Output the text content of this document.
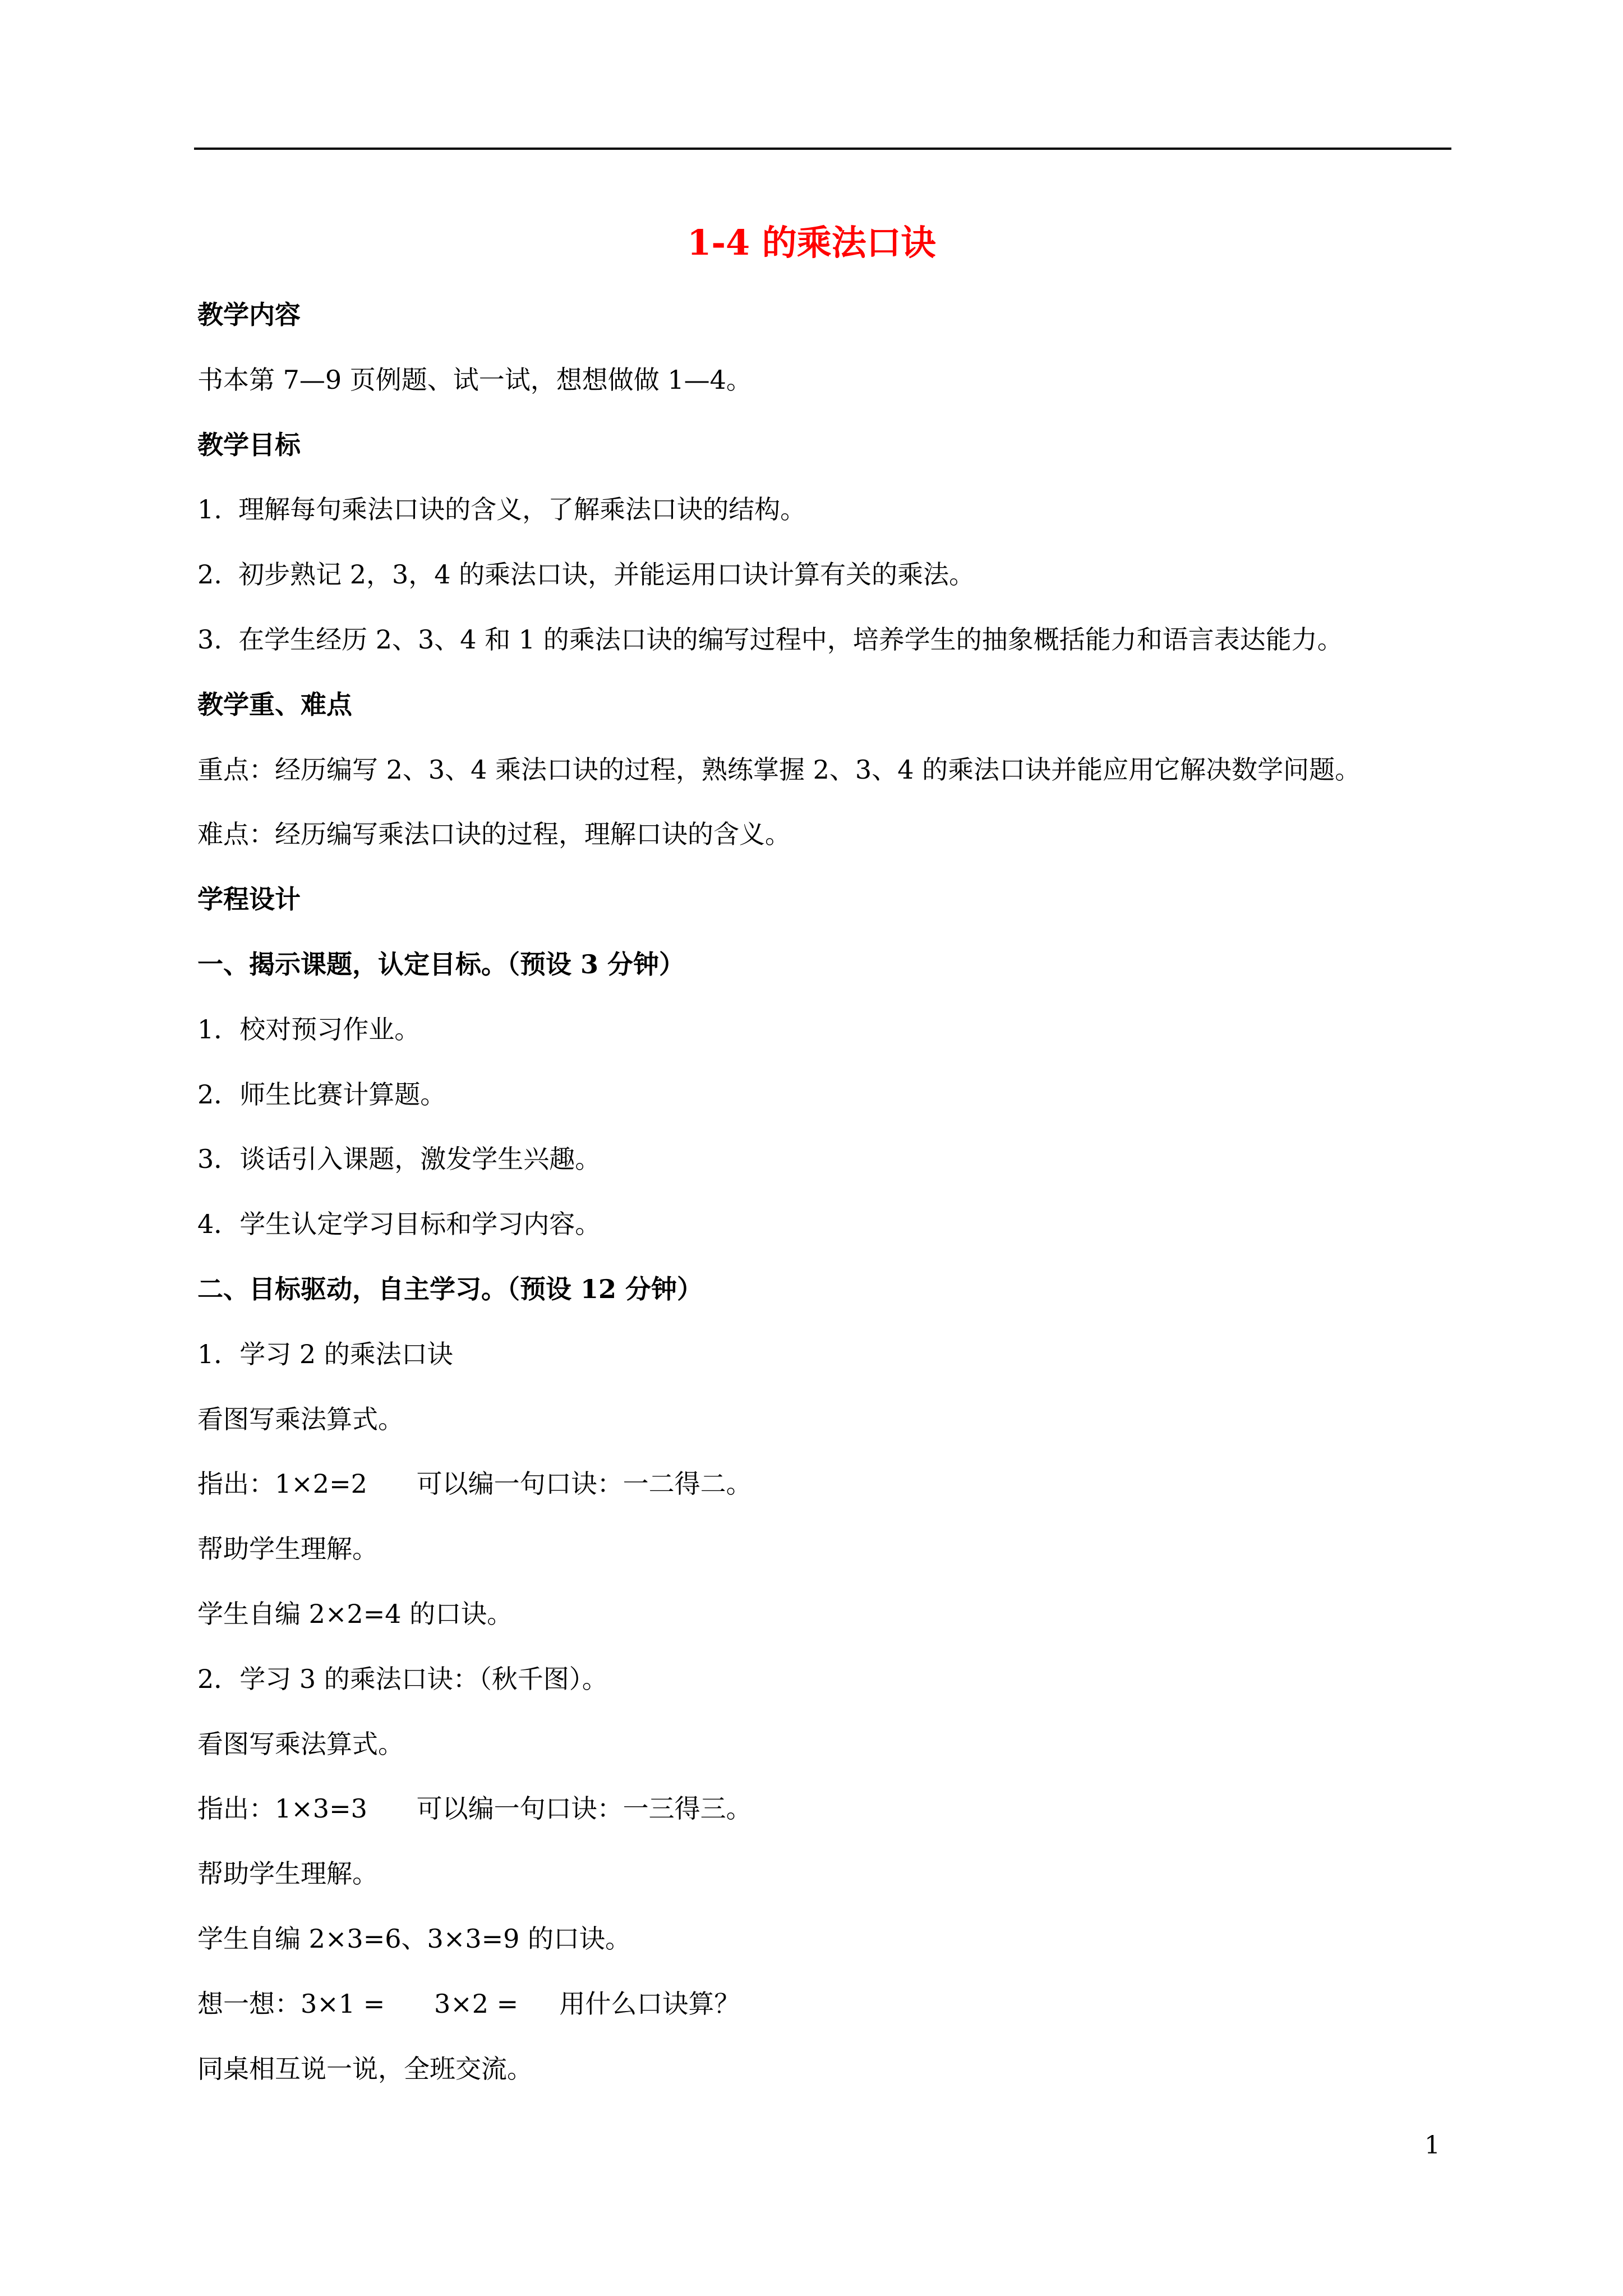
1-4 的乘法口诀
教学内容
书本第 7—9 页例题、试一试，想想做做 1—4。
教学目标
1.  理解每句乘法口诀的含义，了解乘法口诀的结构。
2.  初步熟记 2，3，4 的乘法口诀，并能运用口诀计算有关的乘法。
3.  在学生经历 2、3、4 和 1 的乘法口诀的编写过程中，培养学生的抽象概括能力和语言表达能力。
教学重、难点
重点：经历编写 2、3、4 乘法口诀的过程，熟练掌握 2、3、4 的乘法口诀并能应用它解决数学问题。
难点：经历编写乘法口诀的过程，理解口诀的含义。
学程设计
一、揭示课题，认定目标。（预设 3 分钟）
1．校对预习作业。
2．师生比赛计算题。
3．谈话引入课题，激发学生兴趣。
4．学生认定学习目标和学习内容。
二、目标驱动，自主学习。（预设 12 分钟）
1．学习 2 的乘法口诀
看图写乘法算式。
指出：1×2=2      可以编一句口诀：一二得二。
帮助学生理解。
学生自编 2×2=4 的口诀。
2．学习 3 的乘法口诀：（秋千图）。
看图写乘法算式。
指出：1×3=3      可以编一句口诀：一三得三。
帮助学生理解。
学生自编 2×3=6、3×3=9 的口诀。
想一想：3×1 =      3×2 =     用什么口诀算？
同桌相互说一说，全班交流。
1
